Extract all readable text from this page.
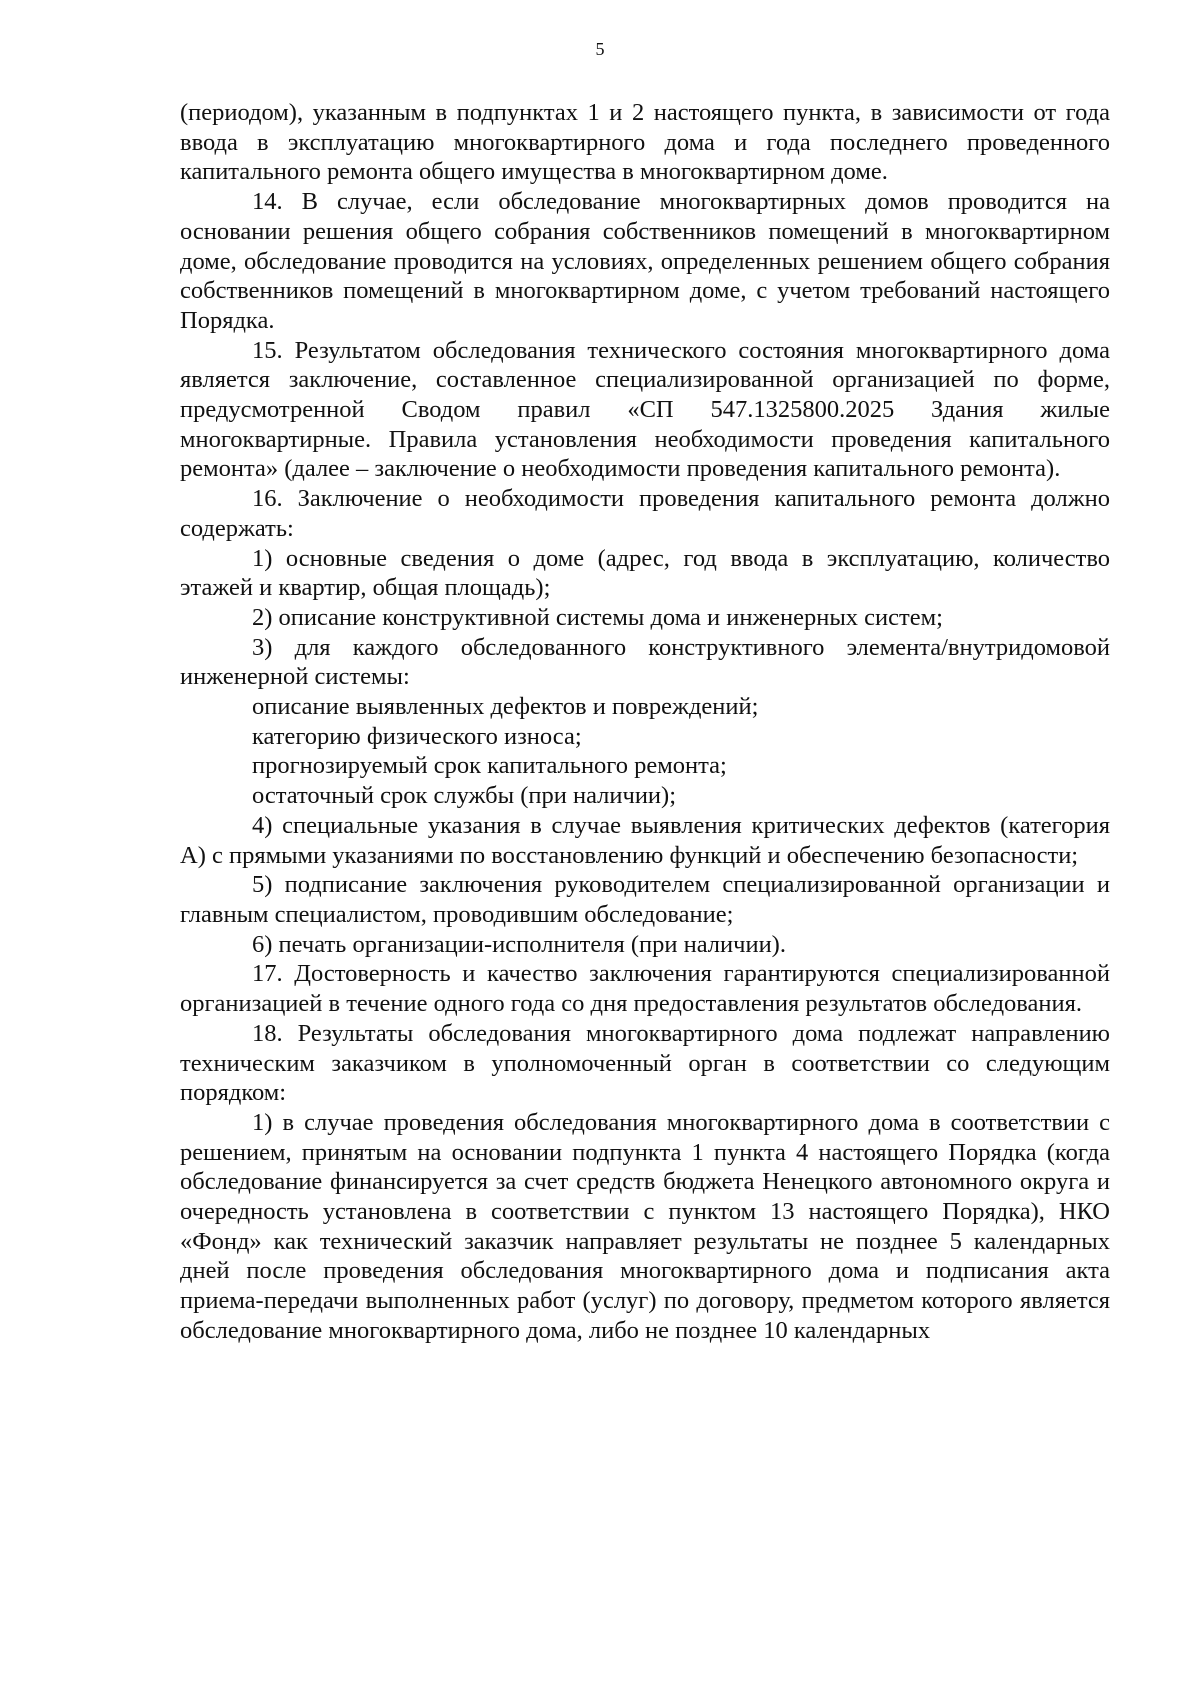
5

(периодом), указанным в подпунктах 1 и 2 настоящего пункта, в зависимости от года ввода в эксплуатацию многоквартирного дома и года последнего проведенного капитального ремонта общего имущества в многоквартирном доме.

14. В случае, если обследование многоквартирных домов проводится на основании решения общего собрания собственников помещений в многоквартирном доме, обследование проводится на условиях, определенных решением общего собрания собственников помещений в многоквартирном доме, с учетом требований настоящего Порядка.

15. Результатом обследования технического состояния многоквартирного дома является заключение, составленное специализированной организацией по форме, предусмотренной Сводом правил «СП 547.1325800.2025 Здания жилые многоквартирные. Правила установления необходимости проведения капитального ремонта» (далее – заключение о необходимости проведения капитального ремонта).

16. Заключение о необходимости проведения капитального ремонта должно содержать:

1) основные сведения о доме (адрес, год ввода в эксплуатацию, количество этажей и квартир, общая площадь);

2) описание конструктивной системы дома и инженерных систем;

3) для каждого обследованного конструктивного элемента/внутридомовой инженерной системы:

описание выявленных дефектов и повреждений;

категорию физического износа;

прогнозируемый срок капитального ремонта;

остаточный срок службы (при наличии);

4) специальные указания в случае выявления критических дефектов (категория А) с прямыми указаниями по восстановлению функций и обеспечению безопасности;

5) подписание заключения руководителем специализированной организации и главным специалистом, проводившим обследование;

6) печать организации-исполнителя (при наличии).

17. Достоверность и качество заключения гарантируются специализированной организацией в течение одного года со дня предоставления результатов обследования.

18. Результаты обследования многоквартирного дома подлежат направлению техническим заказчиком в уполномоченный орган в соответствии со следующим порядком:

1) в случае проведения обследования многоквартирного дома в соответствии с решением, принятым на основании подпункта 1 пункта 4 настоящего Порядка (когда обследование финансируется за счет средств бюджета Ненецкого автономного округа и очередность установлена в соответствии с пунктом 13 настоящего Порядка), НКО «Фонд» как технический заказчик направляет результаты не позднее 5 календарных дней после проведения обследования многоквартирного дома и подписания акта приема-передачи выполненных работ (услуг) по договору, предметом которого является обследование многоквартирного дома, либо не позднее 10 календарных
